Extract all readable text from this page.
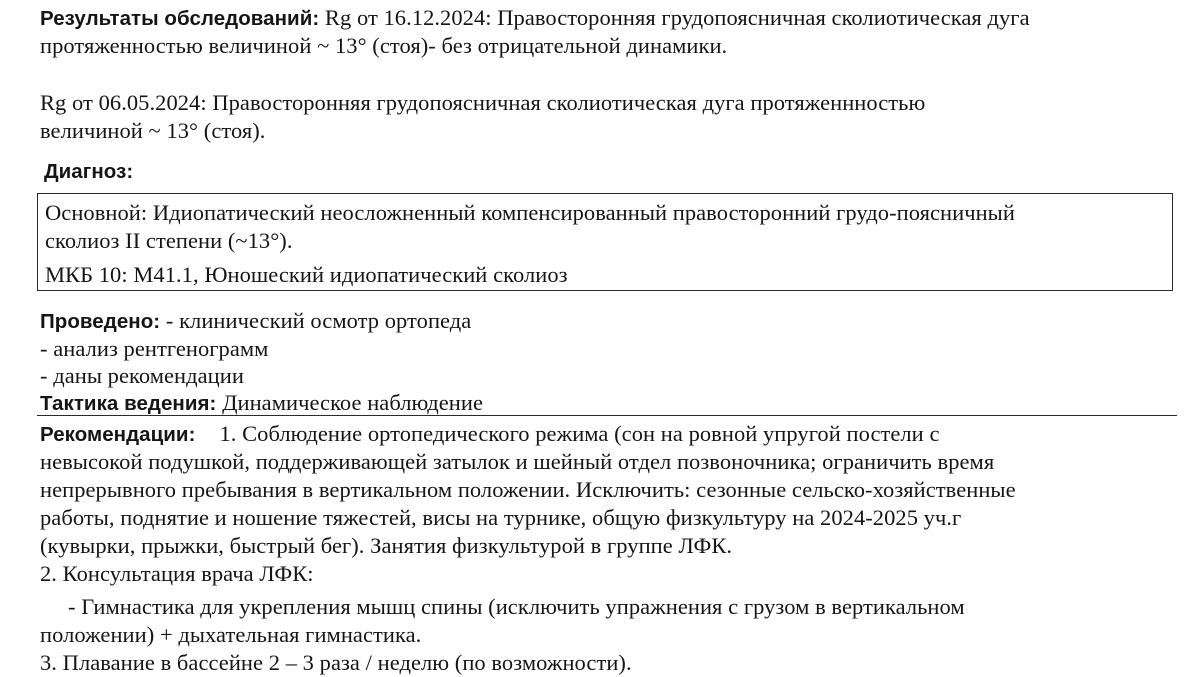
Результаты обследований: Rg от 16.12.2024: Правосторонняя грудопоясничная сколиотическая дуга
протяженностью величиной ~ 13° (стоя)- без отрицательной динамики.
Rg от 06.05.2024: Правосторонняя грудопоясничная сколиотическая дуга протяженнностью
величиной ~ 13° (стоя).
Диагноз:
Основной: Идиопатический неосложненный компенсированный правосторонний грудо-поясничный
сколиоз II степени (~13°).
МКБ 10: M41.1, Юношеский идиопатический сколиоз
Проведено: - клинический осмотр ортопеда
- анализ рентгенограмм
- даны рекомендации
Тактика ведения: Динамическое наблюдение
Рекомендации: 1. Соблюдение ортопедического режима (сон на ровной упругой постели с
невысокой подушкой, поддерживающей затылок и шейный отдел позвоночника; ограничить время
непрерывного пребывания в вертикальном положении. Исключить: сезонные сельско-хозяйственные
работы, поднятие и ношение тяжестей, висы на турнике, общую физкультуру на 2024-2025 уч.г
(кувырки, прыжки, быстрый бег). Занятия физкультурой в группе ЛФК.
2. Консультация врача ЛФК:
- Гимнастика для укрепления мышц спины (исключить упражнения с грузом в вертикальном
положении) + дыхательная гимнастика.
3. Плавание в бассейне 2 – 3 раза / неделю (по возможности).
